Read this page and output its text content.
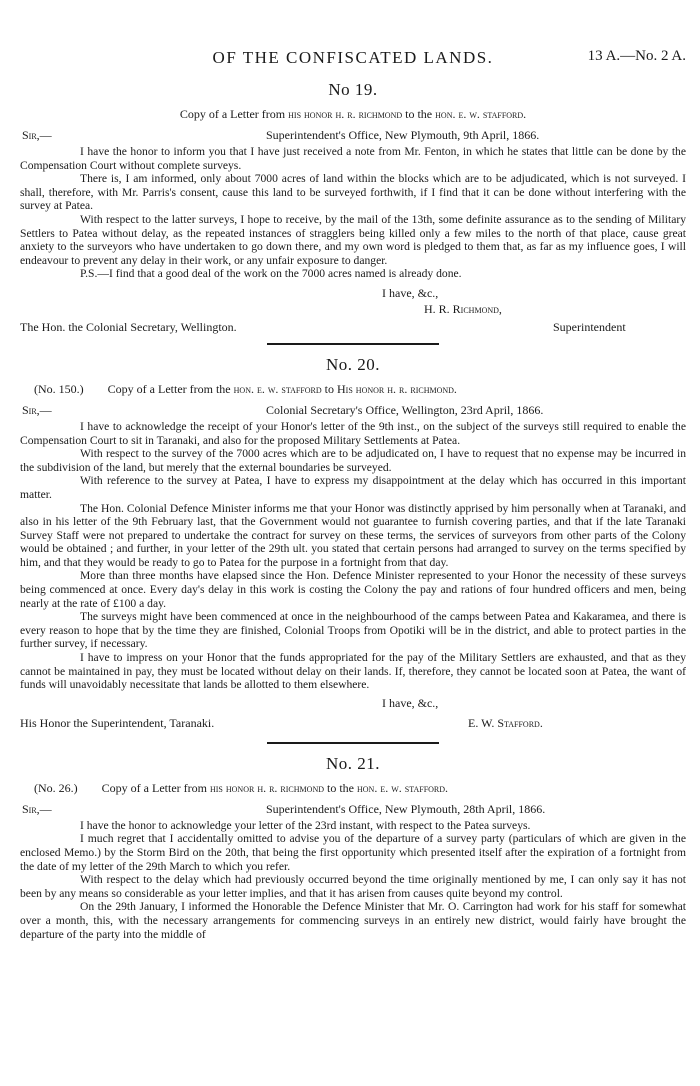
OF THE CONFISCATED LANDS.	13 A.—No. 2 A.
No 19.
Copy of a Letter from his honor h. r. richmond to the hon. e. w. stafford.
Sir,—	Superintendent's Office, New Plymouth, 9th April, 1866.

I have the honor to inform you that I have just received a note from Mr. Fenton, in which he states that little can be done by the Compensation Court without complete surveys.

There is, I am informed, only about 7000 acres of land within the blocks which are to be adjudicated, which is not surveyed. I shall, therefore, with Mr. Parris's consent, cause this land to be surveyed forthwith, if I find that it can be done without interfering with the survey at Patea.

With respect to the latter surveys, I hope to receive, by the mail of the 13th, some definite assurance as to the sending of Military Settlers to Patea without delay, as the repeated instances of stragglers being killed only a few miles to the north of that place, cause great anxiety to the surveyors who have undertaken to go down there, and my own word is pledged to them that, as far as my influence goes, I will endeavour to prevent any delay in their work, or any unfair exposure to danger.

P.S.—I find that a good deal of the work on the 7000 acres named is already done.

I have, &c.,
H. R. Richmond,
The Hon. the Colonial Secretary, Wellington.	Superintendent
No. 20.
(No. 150.) Copy of a Letter from the hon. e. w. stafford to His honor h. r. richmond.
Sir,—	Colonial Secretary's Office, Wellington, 23rd April, 1866.

I have to acknowledge the receipt of your Honor's letter of the 9th inst., on the subject of the surveys still required to enable the Compensation Court to sit in Taranaki, and also for the proposed Military Settlements at Patea.

With respect to the survey of the 7000 acres which are to be adjudicated on, I have to request that no expense may be incurred in the subdivision of the land, but merely that the external boundaries be surveyed.

With reference to the survey at Patea, I have to express my disappointment at the delay which has occurred in this important matter.

The Hon. Colonial Defence Minister informs me that your Honor was distinctly apprised by him personally when at Taranaki, and also in his letter of the 9th February last, that the Government would not guarantee to furnish covering parties, and that if the late Taranaki Survey Staff were not prepared to undertake the contract for survey on these terms, the services of surveyors from other parts of the Colony would be obtained ; and further, in your letter of the 29th ult. you stated that certain persons had arranged to survey on the terms specified by him, and that they would be ready to go to Patea for the purpose in a fortnight from that day.

More than three months have elapsed since the Hon. Defence Minister represented to your Honor the necessity of these surveys being commenced at once. Every day's delay in this work is costing the Colony the pay and rations of four hundred officers and men, being nearly at the rate of £100 a day.

The surveys might have been commenced at once in the neighbourhood of the camps between Patea and Kakaramea, and there is every reason to hope that by the time they are finished, Colonial Troops from Opotiki will be in the district, and able to protect parties in the further survey, if necessary.

I have to impress on your Honor that the funds appropriated for the pay of the Military Settlers are exhausted, and that as they cannot be maintained in pay, they must be located without delay on their lands. If, therefore, they cannot be located soon at Patea, the want of funds will unavoidably necessitate that lands be allotted to them elsewhere.

I have, &c.,
His Honor the Superintendent, Taranaki.	E. W. Stafford.
No. 21.
(No. 26.) Copy of a Letter from his honor h. r. richmond to the hon. e. w. stafford.
Sir,—	Superintendent's Office, New Plymouth, 28th April, 1866.

I have the honor to acknowledge your letter of the 23rd instant, with respect to the Patea surveys.

I much regret that I accidentally omitted to advise you of the departure of a survey party (particulars of which are given in the enclosed Memo.) by the Storm Bird on the 20th, that being the first opportunity which presented itself after the expiration of a fortnight from the date of my letter of the 29th March to which you refer.

With respect to the delay which had previously occurred beyond the time originally mentioned by me, I can only say it has not been by any means so considerable as your letter implies, and that it has arisen from causes quite beyond my control.

On the 29th January, I informed the Honorable the Defence Minister that Mr. O. Carrington had work for his staff for somewhat over a month, this, with the necessary arrangements for commencing surveys in an entirely new district, would fairly have brought the departure of the party into the middle of
